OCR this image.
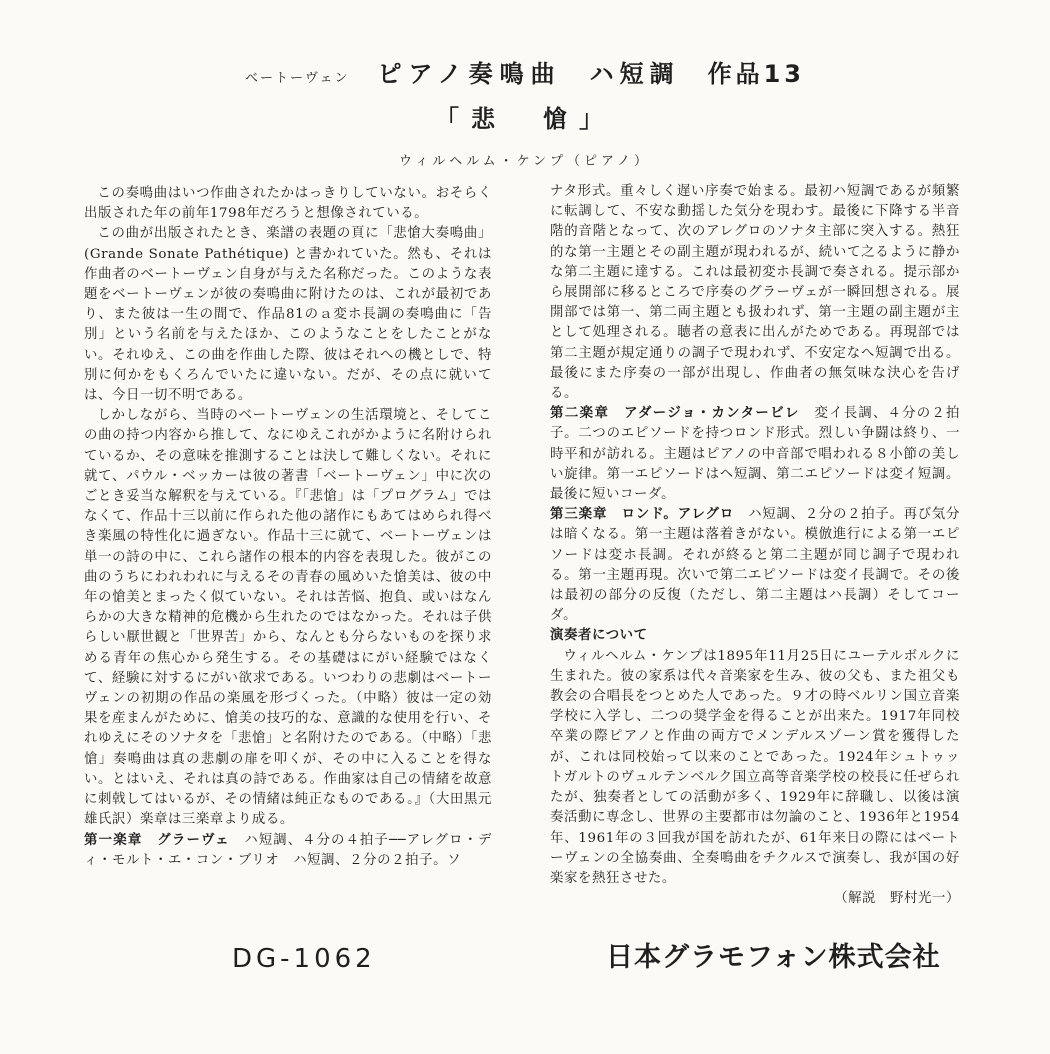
ベートーヴェン ピアノ奏鳴曲 ハ短調 作品13
「悲　愴」
ウィルヘルム・ケンプ（ピアノ）

この奏鳴曲はいつ作曲されたかはっきりしていない。おそらく出版された年の前年1798年だろうと想像されている。

この曲が出版されたとき、楽譜の表題の頁に「悲愴大奏鳴曲」(Grande Sonate Pathétique) と書かれていた。然も、それは作曲者のベートーヴェン自身が与えた名称だった。このような表題をベートーヴェンが彼の奏鳴曲に附けたのは、これが最初であり、また彼は一生の間で、作品81のａ変ホ長調の奏鳴曲に「告別」という名前を与えたほか、このようなことをしたことがない。それゆえ、この曲を作曲した際、彼はそれへの機としで、特別に何かをもくろんでいたに違いない。だが、その点に就いては、今日一切不明である。

しかしながら、当時のベートーヴェンの生活環境と、そしてこの曲の持つ内容から推して、なにゆえこれがかように名附けられているか、その意味を推測することは決して難しくない。それに就て、パウル・ベッカーは彼の著書「ベートーヴェン」中に次のごとき妥当な解釈を与えている。『「悲愴」は「プログラム」ではなくて、作品十三以前に作られた他の諸作にもあてはめられ得べき楽風の特性化に過ぎない。作品十三に就て、ベートーヴェンは単一の詩の中に、これら諸作の根本的内容を表現した。彼がこの曲のうちにわれわれに与えるその青春の風めいた愴美は、彼の中年の愴美とまったく似ていない。それは苦悩、抱負、或いはなんらかの大きな精神的危機から生れたのではなかった。それは子供らしい厭世観と「世界苦」から、なんとも分らないものを探り求める青年の焦心から発生する。その基礎はにがい経験ではなくて、経験に対するにがい欲求である。いつわりの悲劇はベートーヴェンの初期の作品の楽風を形づくった。（中略）彼は一定の効果を産まんがために、愴美の技巧的な、意識的な使用を行い、それゆえにそのソナタを「悲愴」と名附けたのである。（中略）「悲愴」奏鳴曲は真の悲劇の扉を叩くが、その中に入ることを得ない。とはいえ、それは真の詩である。作曲家は自己の情緒を故意に刺戟してはいるが、その情緒は純正なものである。』（大田黒元雄氏訳）楽章は三楽章より成る。

第一楽章　グラーヴェ　 ハ短調、４分の４拍子──アレグロ・ディ・モルト・エ・コン・ブリオ　ハ短調、２分の２拍子。ソ

ナタ形式。重々しく遅い序奏で始まる。最初ハ短調であるが頻繁に転調して、不安な動揺した気分を現わす。最後に下降する半音階的音階となって、次のアレグロのソナタ主部に突入する。熱狂的な第一主題とその副主題が現われるが、続いて之るように静かな第二主題に達する。これは最初変ホ長調で奏される。提示部から展開部に移るところで序奏のグラーヴェが一瞬回想される。展開部では第一、第二両主題とも扱われず、第一主題の副主題が主として処理される。聴者の意表に出んがためである。再現部では第二主題が規定通りの調子で現われず、不安定なへ短調で出る。最後にまた序奏の一部が出現し、作曲者の無気味な決心を告げる。

第二楽章　アダージョ・カンタービレ　 変イ長調、４分の２拍子。二つのエピソードを持つロンド形式。烈しい争闘は終り、一時平和が訪れる。主題はピアノの中音部で唱われる８小節の美しい旋律。第一エピソードはヘ短調、第二エピソードは変イ短調。最後に短いコーダ。

第三楽章　ロンド。アレグロ　 ハ短調、２分の２拍子。再び気分は暗くなる。第一主題は落着きがない。模倣進行による第一エピソードは変ホ長調。それが終ると第二主題が同じ調子で現われる。第一主題再現。次いで第二エピソードは変イ長調で。その後は最初の部分の反復（ただし、第二主題はハ長調）そしてコーダ。

演奏者について

ウィルヘルム・ケンプは1895年11月25日にユーテルボルクに生まれた。彼の家系は代々音楽家を生み、彼の父も、また祖父も教会の合唱長をつとめた人であった。９才の時ベルリン国立音楽学校に入学し、二つの奨学金を得ることが出来た。1917年同校卒業の際ピアノと作曲の両方でメンデルスゾーン賞を獲得したが、これは同校始って以来のことであった。1924年シュトゥットガルトのヴュルテンベルク国立高等音楽学校の校長に任ぜられたが、独奏者としての活動が多く、1929年に辞職し、以後は演奏活動に専念し、世界の主要都市は勿論のこと、1936年と1954年、1961年の３回我が国を訪れたが、61年来日の際にはベートーヴェンの全協奏曲、全奏鳴曲をチクルスで演奏し、我が国の好楽家を熱狂させた。

（解説　野村光一）

DG-1062	日本グラモフォン株式会社
